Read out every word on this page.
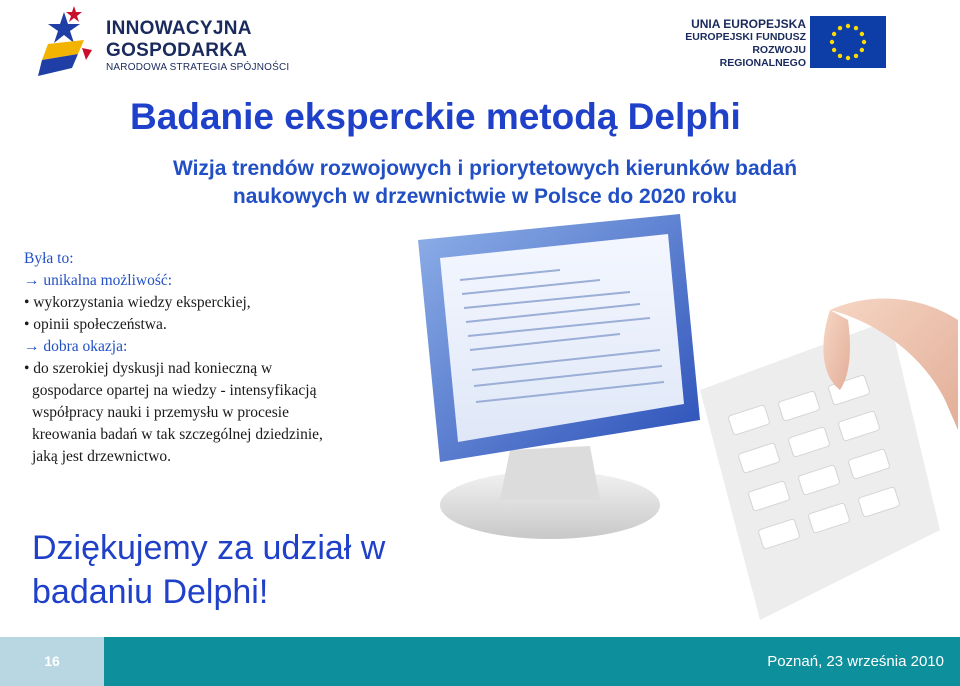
INNOWACYJNA
GOSPODARKA
NARODOWA STRATEGIA SPÓJNOŚCI
UNIA EUROPEJSKA
EUROPEJSKI FUNDUSZ
ROZWOJU REGIONALNEGO
Badanie eksperckie metodą Delphi
Wizja trendów rozwojowych i priorytetowych kierunków badań
naukowych w drzewnictwie w Polsce do 2020 roku
Była to:
→ unikalna możliwość:
• wykorzystania wiedzy eksperckiej,
• opinii społeczeństwa.
→ dobra okazja:
• do szerokiej dyskusji nad konieczną w
gospodarce opartej na wiedzy - intensyfikacją
współpracy nauki i przemysłu w procesie
kreowania badań w tak szczególnej dziedzinie,
jaką jest drzewnictwo.
Dziękujemy za udział w
badaniu Delphi!
16	Poznań, 23 września 2010
